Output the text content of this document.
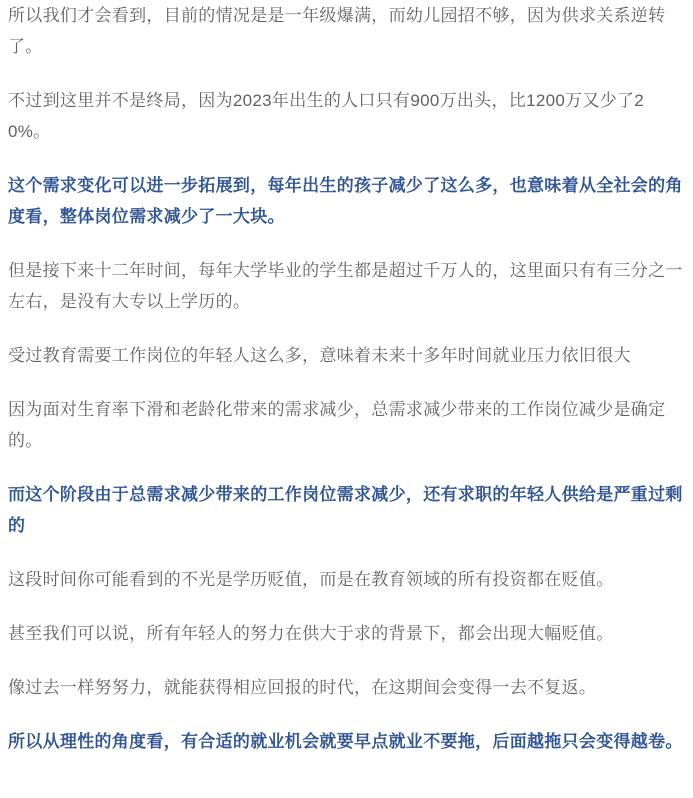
所以我们才会看到，目前的情况是是一年级爆满，而幼儿园招不够，因为供求关系逆转了。

不过到这里并不是终局，因为2023年出生的人口只有900万出头，比1200万又少了20%。

这个需求变化可以进一步拓展到，每年出生的孩子减少了这么多，也意味着从全社会的角度看，整体岗位需求减少了一大块。

但是接下来十二年时间，每年大学毕业的学生都是超过千万人的，这里面只有有三分之一左右，是没有大专以上学历的。

受过教育需要工作岗位的年轻人这么多，意味着未来十多年时间就业压力依旧很大

因为面对生育率下滑和老龄化带来的需求减少，总需求减少带来的工作岗位减少是确定的。

而这个阶段由于总需求减少带来的工作岗位需求减少，还有求职的年轻人供给是严重过剩的

这段时间你可能看到的不光是学历贬值，而是在教育领域的所有投资都在贬值。

甚至我们可以说，所有年轻人的努力在供大于求的背景下，都会出现大幅贬值。

像过去一样努努力，就能获得相应回报的时代，在这期间会变得一去不复返。

所以从理性的角度看，有合适的就业机会就要早点就业不要拖，后面越拖只会变得越卷。
